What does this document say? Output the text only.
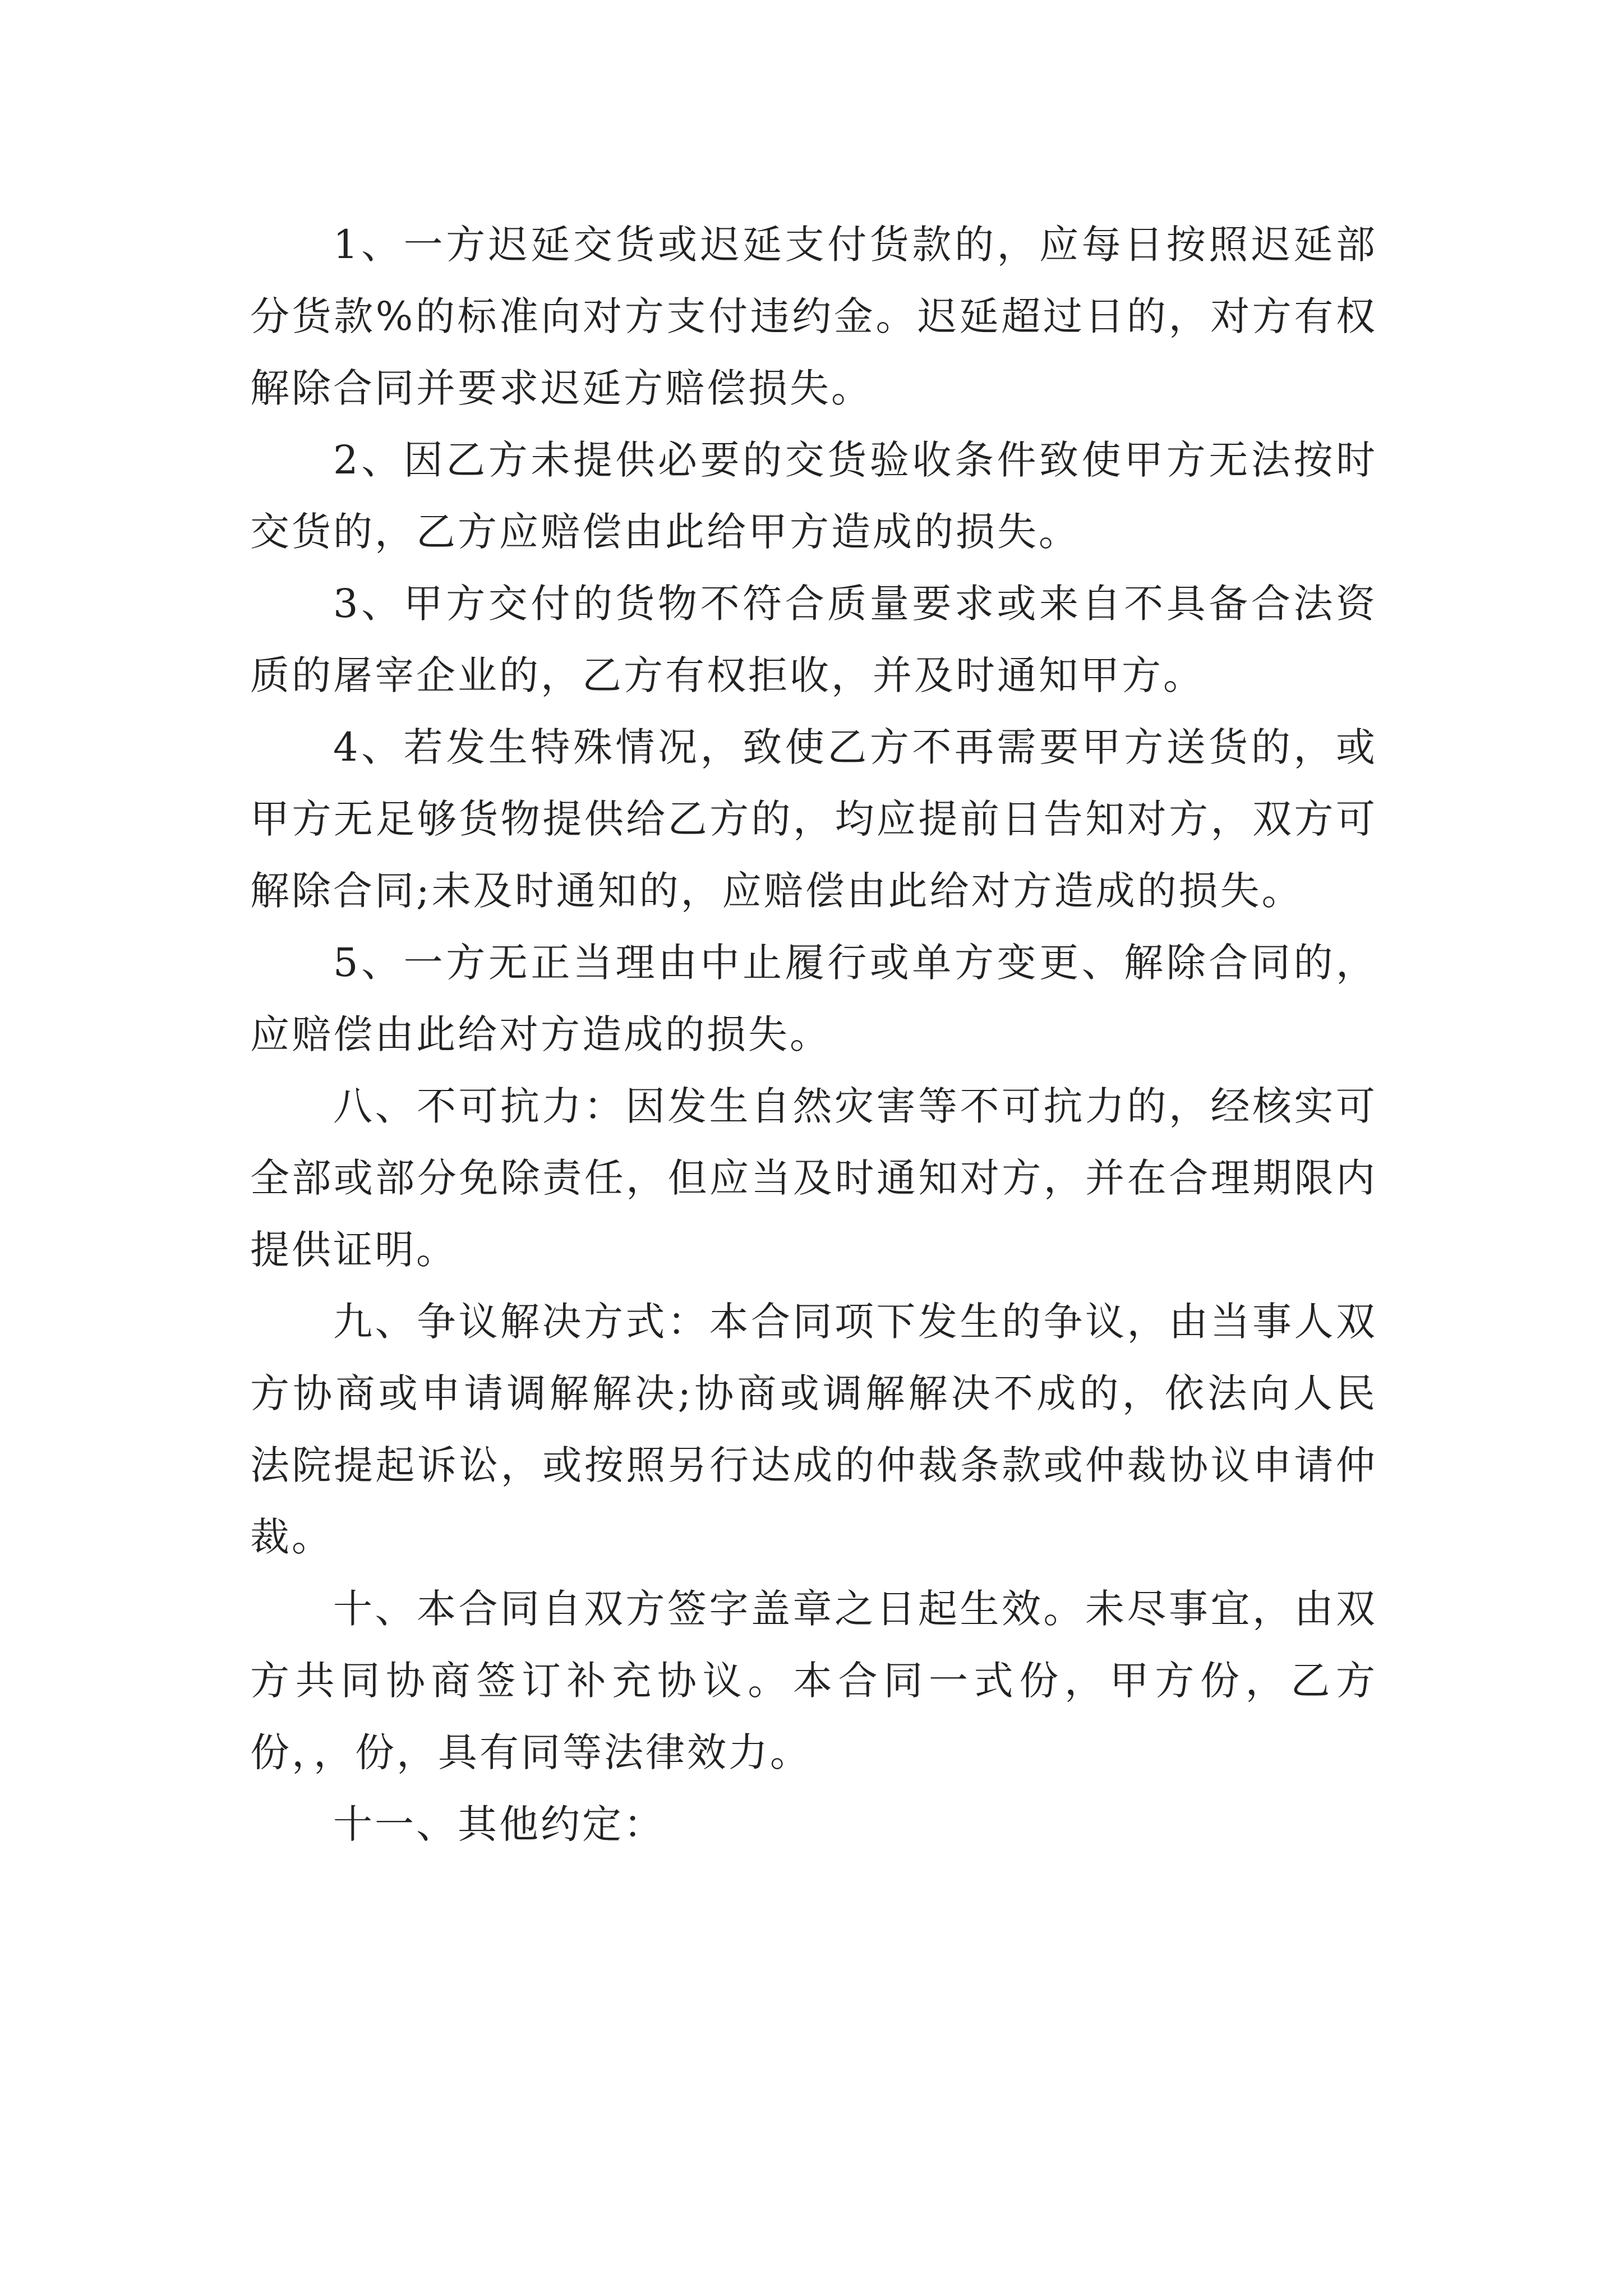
1、一方迟延交货或迟延支付货款的，应每日按照迟延部分货款%的标准向对方支付违约金。迟延超过日的，对方有权解除合同并要求迟延方赔偿损失。

2、因乙方未提供必要的交货验收条件致使甲方无法按时交货的，乙方应赔偿由此给甲方造成的损失。

3、甲方交付的货物不符合质量要求或来自不具备合法资质的屠宰企业的，乙方有权拒收，并及时通知甲方。

4、若发生特殊情况，致使乙方不再需要甲方送货的，或甲方无足够货物提供给乙方的，均应提前日告知对方，双方可解除合同;未及时通知的，应赔偿由此给对方造成的损失。

5、一方无正当理由中止履行或单方变更、解除合同的，应赔偿由此给对方造成的损失。

八、不可抗力：因发生自然灾害等不可抗力的，经核实可全部或部分免除责任，但应当及时通知对方，并在合理期限内提供证明。

九、争议解决方式：本合同项下发生的争议，由当事人双方协商或申请调解解决;协商或调解解决不成的，依法向人民法院提起诉讼，或按照另行达成的仲裁条款或仲裁协议申请仲裁。

十、本合同自双方签字盖章之日起生效。未尽事宜，由双方共同协商签订补充协议。本合同一式份，甲方份，乙方份，，份，具有同等法律效力。

十一、其他约定：
